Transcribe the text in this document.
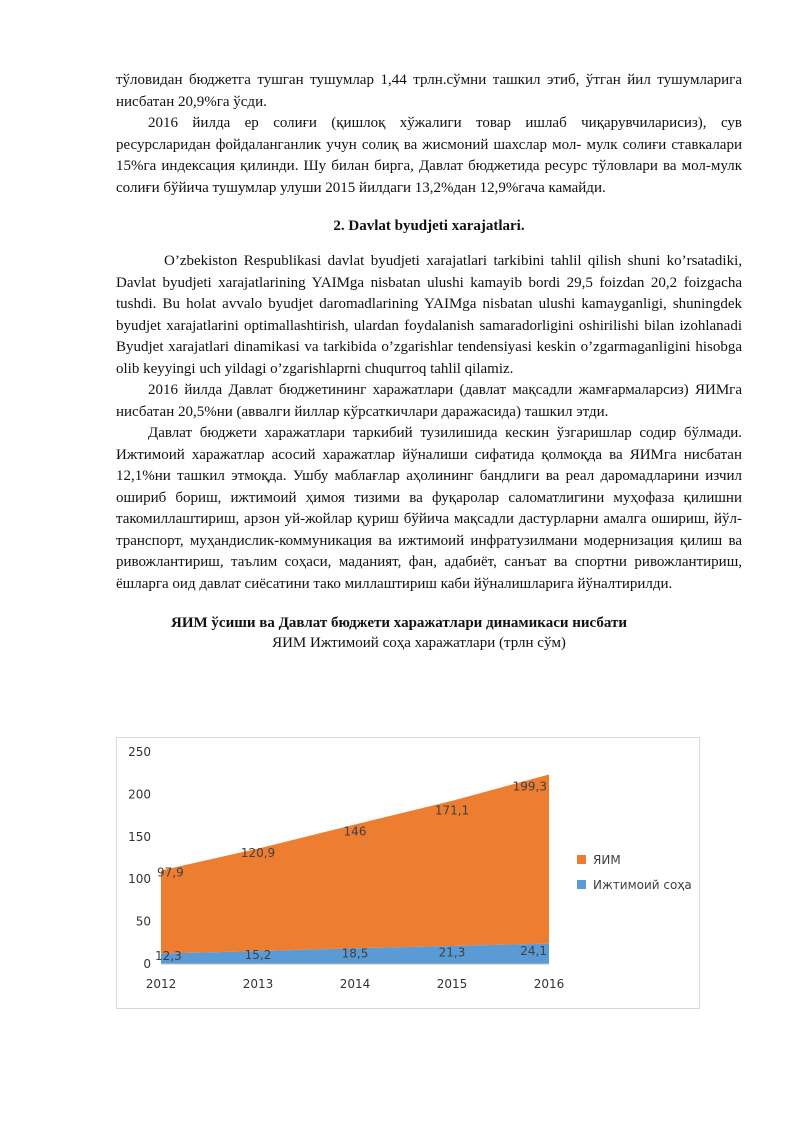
тўловидан бюджетга тушган тушумлар 1,44 трлн.сўмни ташкил этиб, ўтган йил тушумларига нисбатан 20,9%га ўсди.

2016 йилда ер солиғи (қишлоқ хўжалиги товар ишлаб чиқарувчиларисиз), сув ресурсларидан фойдаланганлик учун солиқ ва жисмоний шахслар мол- мулк солиғи ставкалари 15%га индексация қилинди. Шу билан бирга, Давлат бюджетида ресурс тўловлари ва мол-мулк солиғи бўйича тушумлар улуши 2015 йилдаги 13,2%дан 12,9%гача камайди.

2. Davlat byudjeti xarajatlari.

O’zbekiston Respublikasi davlat byudjeti xarajatlari tarkibini tahlil qilish shuni ko’rsatadiki, Davlat byudjeti xarajatlarining YAIMga nisbatan ulushi kamayib bordi 29,5 foizdan 20,2 foizgacha tushdi. Bu holat avvalo byudjet daromadlarining YAIMga nisbatan ulushi kamayganligi, shuningdek byudjet xarajatlarini optimallashtirish, ulardan foydalanish samaradorligini oshirilishi bilan izohlanadi Byudjet xarajatlari dinamikasi va tarkibida o’zgarishlar tendensiyasi keskin o’zgarmaganligini hisobga olib keyyingi uch yildagi o’zgarishlaprni chuqurroq tahlil qilamiz.

2016 йилда Давлат бюджетининг харажатлари (давлат мақсадли жамғармаларсиз) ЯИМга нисбатан 20,5%ни (аввалги йиллар кўрсаткичлари даражасида) ташкил этди.

Давлат бюджети харажатлари таркибий тузилишида кескин ўзгаришлар содир бўлмади. Ижтимоий харажатлар асосий харажатлар йўналиши сифатида қолмоқда ва ЯИМга нисбатан 12,1%ни ташкил этмоқда. Ушбу маблағлар аҳолининг бандлиги ва реал даромадларини изчил ошириб бориш, ижтимоий ҳимоя тизими ва фуқаролар саломатлигини муҳофаза қилишни такомиллаштириш, арзон уй-жойлар қуриш бўйича мақсадли дастурларни амалга ошириш, йўл-транспорт, муҳандислик-коммуникация ва ижтимоий инфратузилмани модернизация қилиш ва ривожлантириш, таълим соҳаси, маданият, фан, адабиёт, санъат ва спортни ривожлантириш, ёшларга оид давлат сиёсатини тако миллаштириш каби йўналишларига йўналтирилди.

ЯИМ ўсиши ва Давлат бюджети харажатлари динамикаси нисбати
ЯИМ Ижтимоий соҳа харажатлари (трлн сўм)
0
50
100
150
200
250
2012	2013	2014	2015	2016
97,9
120,9
146
171,1
199,3
12,3	15,2	18,5	21,3	24,1
ЯИМ
Ижтимоий соҳа
